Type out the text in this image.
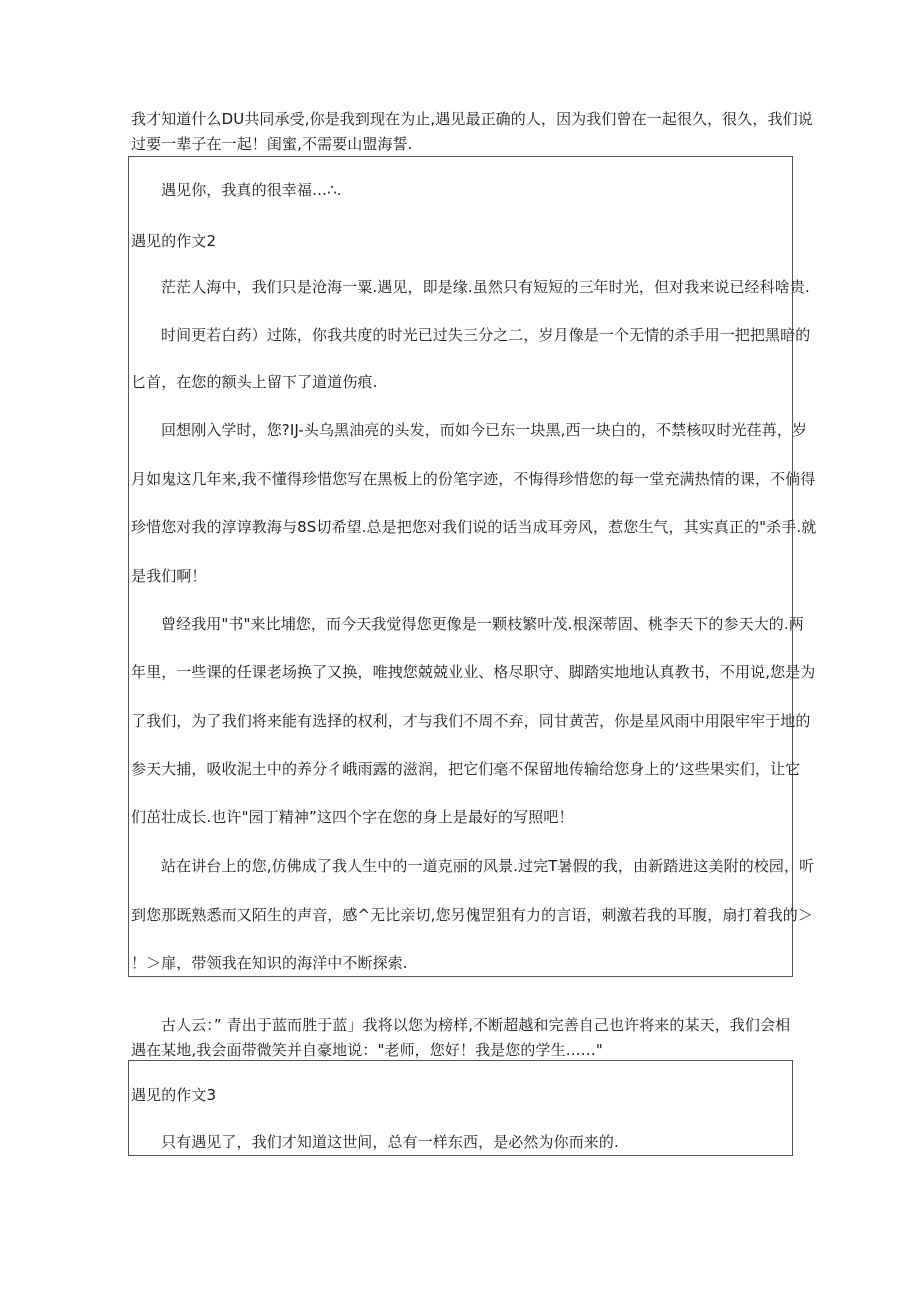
我才知道什么DU共同承受,你是我到现在为止,遇见最正确的人，因为我们曾在一起很久，很久，我们说
过要一辈子在一起！闺蜜,不需要山盟海誓.
遇见你，我真的很幸福…∴.
遇见的作文2
茫茫人海中，我们只是沧海一粟.遇见，即是缘.虽然只有短短的三年时光，但对我来说已经科啥贵.
时间更若白药）过陈，你我共度的时光已过失三分之二，岁月像是一个无情的杀手用一把把黑暗的
匕首，在您的额头上留下了道道伤痕.
回想刚入学时，您?IJ-头乌黑油亮的头发，而如今已东一块黑,西一块白的，不禁核叹时光荏苒，岁
月如鬼这几年来,我不懂得珍惜您写在黑板上的份笔字迹，不悔得珍惜您的每一堂充满热情的课，不倘得
珍惜您对我的淳谆教海与8S切希望.总是把您对我们说的话当成耳旁风，惹您生气，其实真正的"杀手.就
是我们啊！
曾经我用"书"来比埔您，而今天我觉得您更像是一颗枝繁叶茂.根深蒂固、桃李天下的参天大的.两
年里，一些课的任课老场换了又换，唯拽您兢兢业业、格尽职守、脚踏实地地认真教书，不用说,您是为
了我们，为了我们将来能有选择的权利，才与我们不周不弃，同甘黄苦，你是星风雨中用限牢牢于地的
参天大捕，吸收泥土中的养分彳峨雨露的滋润，把它们毫不保留地传输给您身上的‘这些果实们，让它
们茁壮成长.也许"园丁精神”这四个字在您的身上是最好的写照吧！
站在讲台上的您,仿佛成了我人生中的一道克丽的风景.过完T暑假的我，由新踏进这美附的校园，听
到您那既熟悉而又陌生的声音，感^无比亲切,您另傀罡狙有力的言语，刺激若我的耳腹，扇打着我的＞
！＞扉，带领我在知识的海洋中不断探索.
古人云：” 青出于蓝而胜于蓝」我将以您为榜样,不断超越和完善自己也许将来的某天，我们会相
遇在某地,我会面带微笑并自豪地说："老师，您好！我是您的学生……"
遇见的作文3
只有遇见了，我们才知道这世间，总有一样东西，是必然为你而来的.
